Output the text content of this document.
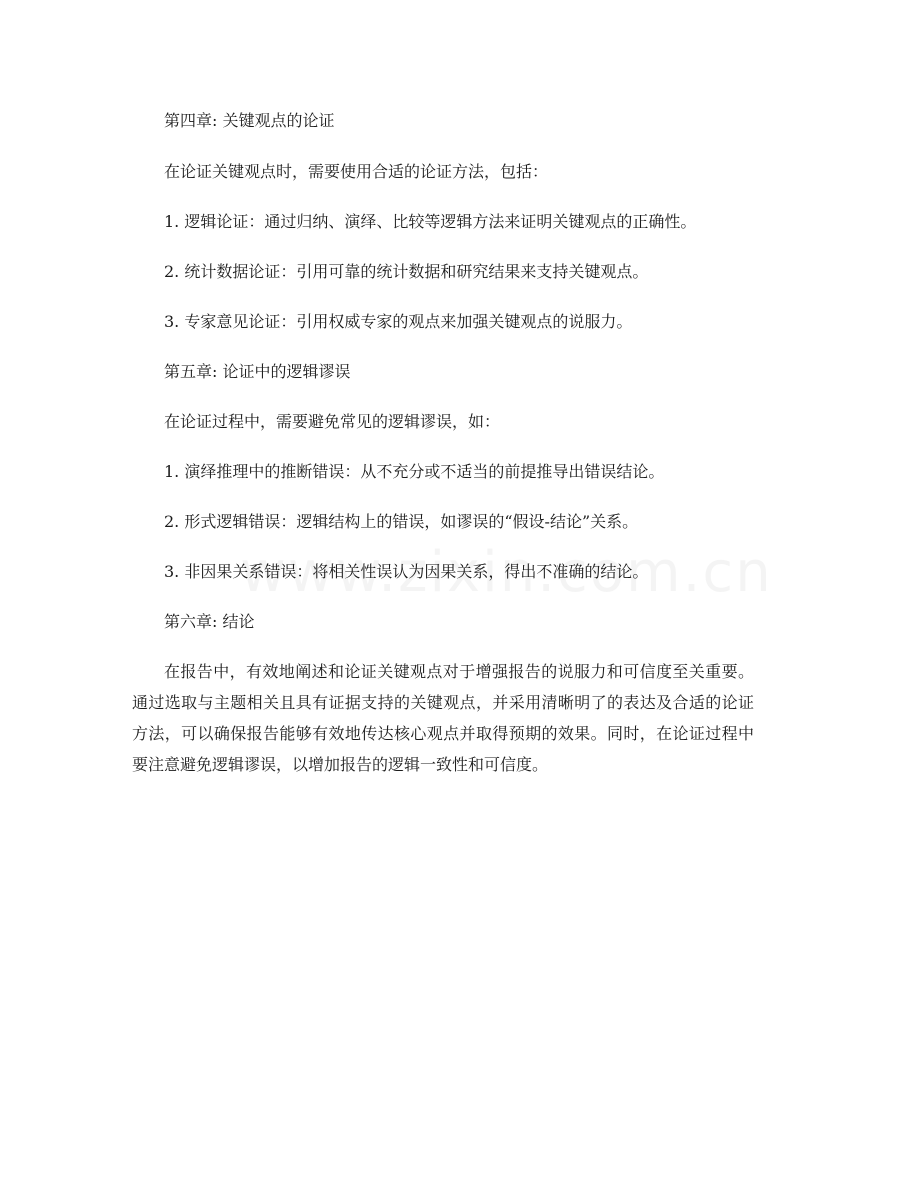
第四章: 关键观点的论证
在论证关键观点时，需要使用合适的论证方法，包括：
1. 逻辑论证：通过归纳、演绎、比较等逻辑方法来证明关键观点的正确性。
2. 统计数据论证：引用可靠的统计数据和研究结果来支持关键观点。
3. 专家意见论证：引用权威专家的观点来加强关键观点的说服力。
第五章: 论证中的逻辑谬误
在论证过程中，需要避免常见的逻辑谬误，如：
1. 演绎推理中的推断错误：从不充分或不适当的前提推导出错误结论。
2. 形式逻辑错误：逻辑结构上的错误，如谬误的“假设-结论”关系。
3. 非因果关系错误：将相关性误认为因果关系，得出不准确的结论。
第六章: 结论

在报告中，有效地阐述和论证关键观点对于增强报告的说服力和可信度至关重要。通过选取与主题相关且具有证据支持的关键观点，并采用清晰明了的表达及合适的论证方法，可以确保报告能够有效地传达核心观点并取得预期的效果。同时，在论证过程中要注意避免逻辑谬误，以增加报告的逻辑一致性和可信度。
